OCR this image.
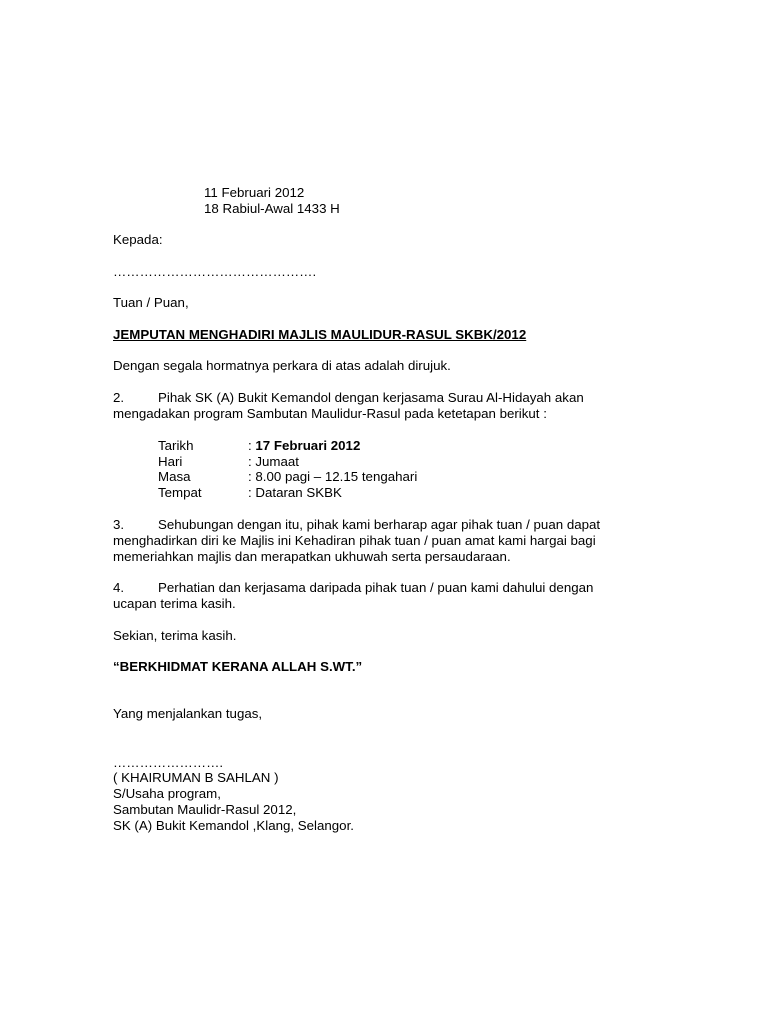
11 Februari 2012
18 Rabiul-Awal 1433 H
Kepada:
……………………………………….
Tuan / Puan,
JEMPUTAN MENGHADIRI MAJLIS MAULIDUR-RASUL SKBK/2012
Dengan segala hormatnya perkara di atas adalah dirujuk.
2.	Pihak SK (A) Bukit Kemandol dengan kerjasama Surau Al-Hidayah akan
mengadakan program Sambutan Maulidur-Rasul pada ketetapan berikut :
Tarikh	: 17 Februari 2012
Hari	: Jumaat
Masa	: 8.00 pagi – 12.15 tengahari
Tempat	: Dataran SKBK
3.	Sehubungan dengan itu, pihak kami berharap agar pihak tuan / puan dapat
menghadirkan diri ke Majlis ini Kehadiran pihak tuan / puan amat kami hargai bagi
memeriahkan majlis dan merapatkan ukhuwah serta persaudaraan.
4.	Perhatian dan kerjasama daripada pihak tuan / puan kami dahului dengan
ucapan terima kasih.
Sekian, terima kasih.
“BERKHIDMAT KERANA ALLAH S.WT.”
Yang menjalankan tugas,
…………………….
( KHAIRUMAN B SAHLAN )
S/Usaha program,
Sambutan Maulidr-Rasul 2012,
SK (A) Bukit Kemandol ,Klang, Selangor.
